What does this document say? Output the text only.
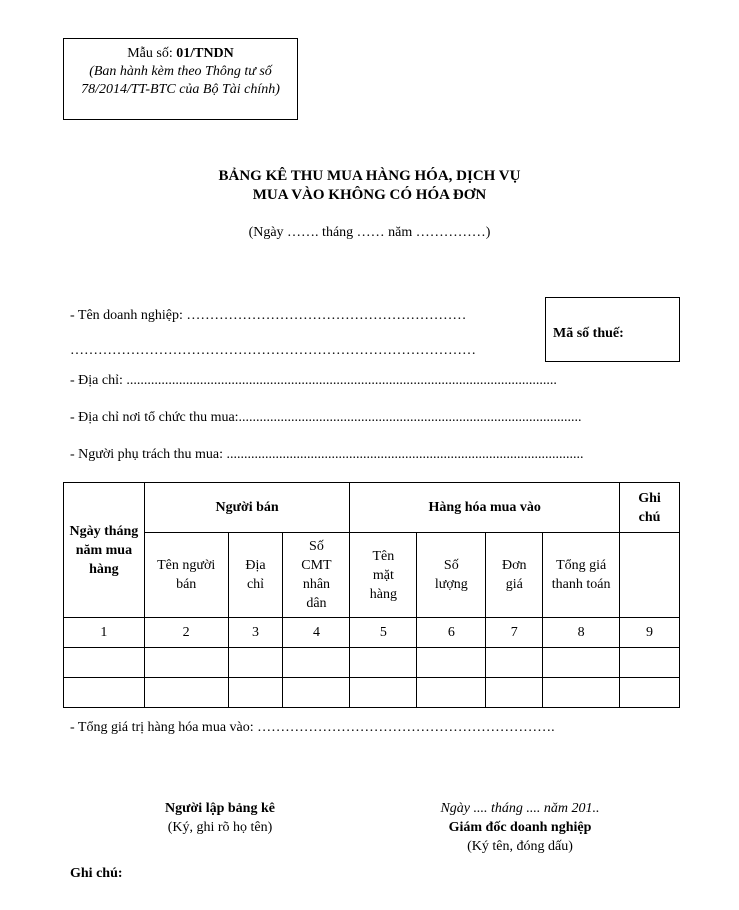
Mẫu số: 01/TNDN
(Ban hành kèm theo Thông tư số 78/2014/TT-BTC của Bộ Tài chính)
BẢNG KÊ THU MUA HÀNG HÓA, DỊCH VỤ
MUA VÀO KHÔNG CÓ HÓA ĐƠN
(Ngày ……. tháng …… năm ……………)
- Tên doanh nghiệp: ……………………………………………………
……………………………………………………………………………
Mã số thuế:
- Địa chỉ: ...........................................................................................................................
- Địa chỉ nơi tổ chức thu mua:..................................................................................................
- Người phụ trách thu mua: ......................................................................................................
Ngày tháng năm mua hàng	Người bán			Hàng hóa mua vào				Ghi chú
	Tên người bán	Địa chỉ	Số CMT nhân dân	Tên mặt hàng	Số lượng	Đơn giá	Tổng giá thanh toán	
1	2	3	4	5	6	7	8	9

- Tổng giá trị hàng hóa mua vào: ……………………………………………………….
Người lập bảng kê
(Ký, ghi rõ họ tên)
Ngày .... tháng .... năm 201..
Giám đốc doanh nghiệp
(Ký tên, đóng dấu)
Ghi chú:
